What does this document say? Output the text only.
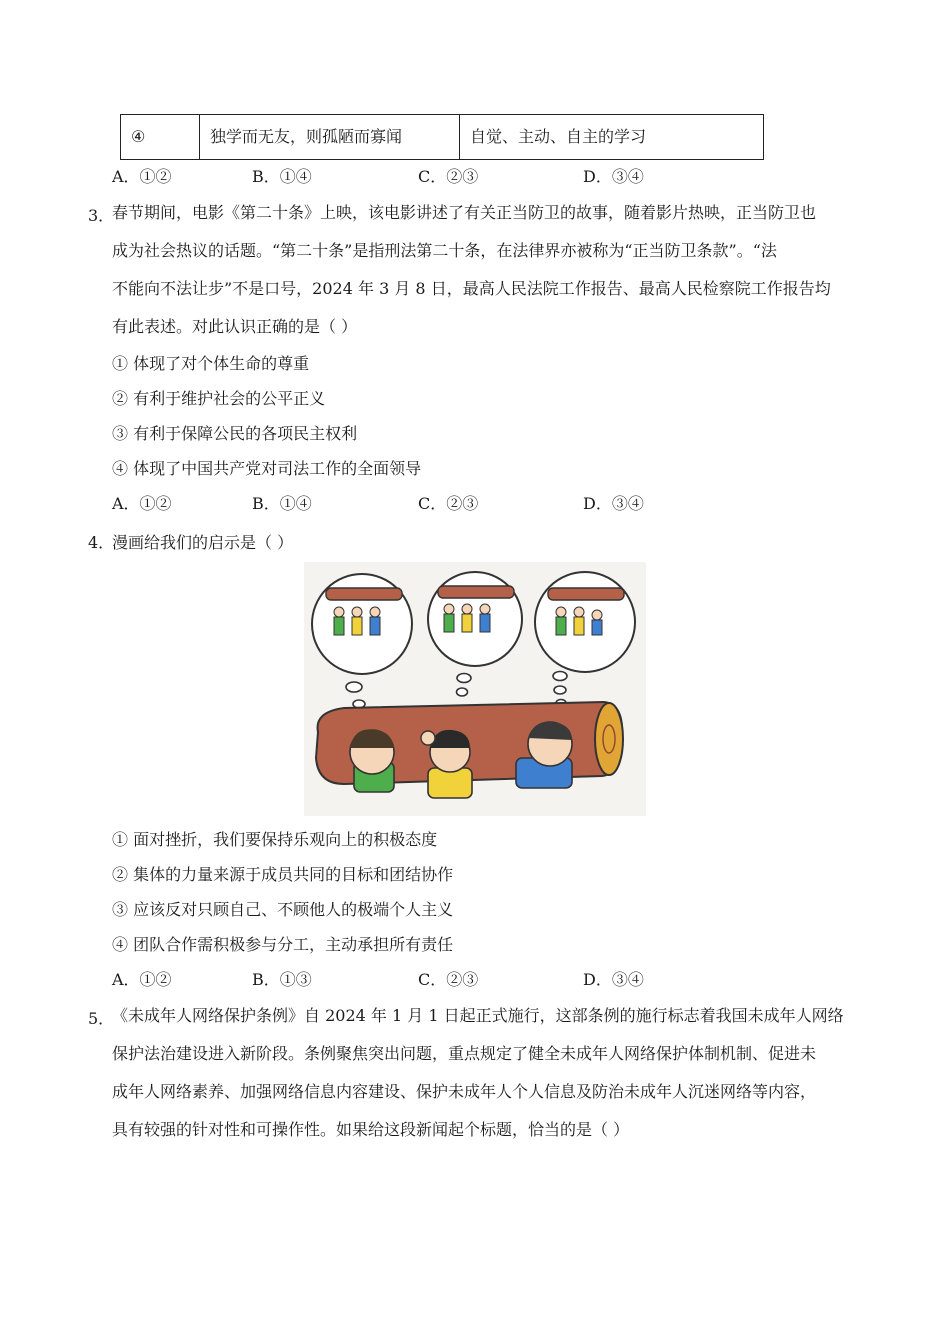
④	独学而无友，则孤陋而寡闻	自觉、主动、自主的学习
A．①②	B．①④	C．②③	D．③④
3．
春节期间，电影《第二十条》上映，该电影讲述了有关正当防卫的故事，随着影片热映，正当防卫也
成为社会热议的话题。“第二十条”是指刑法第二十条，在法律界亦被称为“正当防卫条款”。“法
不能向不法让步”不是口号，2024 年 3 月 8 日，最高人民法院工作报告、最高人民检察院工作报告均
有此表述。对此认识正确的是（ ）
① 体现了对个体生命的尊重
② 有利于维护社会的公平正义
③ 有利于保障公民的各项民主权利
④ 体现了中国共产党对司法工作的全面领导
A．①②	B．①④	C．②③	D．③④
4．
漫画给我们的启示是（ ）
① 面对挫折，我们要保持乐观向上的积极态度
② 集体的力量来源于成员共同的目标和团结协作
③ 应该反对只顾自己、不顾他人的极端个人主义
④ 团队合作需积极参与分工，主动承担所有责任
A．①②	B．①③	C．②③	D．③④
5．
《未成年人网络保护条例》自 2024 年 1 月 1 日起正式施行，这部条例的施行标志着我国未成年人网络
保护法治建设进入新阶段。条例聚焦突出问题，重点规定了健全未成年人网络保护体制机制、促进未
成年人网络素养、加强网络信息内容建设、保护未成年人个人信息及防治未成年人沉迷网络等内容，
具有较强的针对性和可操作性。如果给这段新闻起个标题，恰当的是（ ）
